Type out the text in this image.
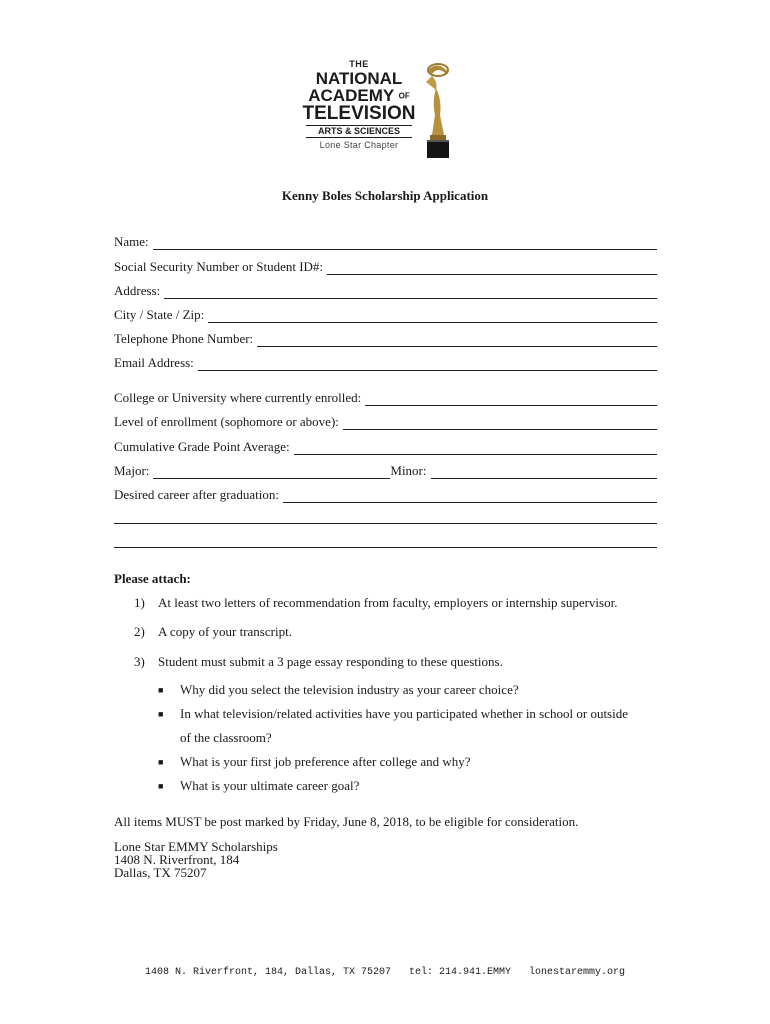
THE
NATIONAL
ACADEMY OF
TELEVISION
ARTS & SCIENCES
Lone Star Chapter
Kenny Boles Scholarship Application
Name:
Social Security Number or Student ID#:
Address:
City / State / Zip:
Telephone Phone Number:
Email Address:
College or University where currently enrolled:
Level of enrollment (sophomore or above):
Cumulative Grade Point Average:
Major:	Minor:
Desired career after graduation:
Please attach:
1) At least two letters of recommendation from faculty, employers or internship supervisor.
2) A copy of your transcript.
3) Student must submit a 3 page essay responding to these questions.
■ Why did you select the television industry as your career choice?
■ In what television/related activities have you participated whether in school or outside
of the classroom?
■ What is your first job preference after college and why?
■ What is your ultimate career goal?
All items MUST be post marked by Friday, June 8, 2018, to be eligible for consideration.
Lone Star EMMY Scholarships
1408 N. Riverfront, 184
Dallas, TX 75207
1408 N. Riverfront, 184, Dallas, TX 75207   tel: 214.941.EMMY   lonestaremmy.org
